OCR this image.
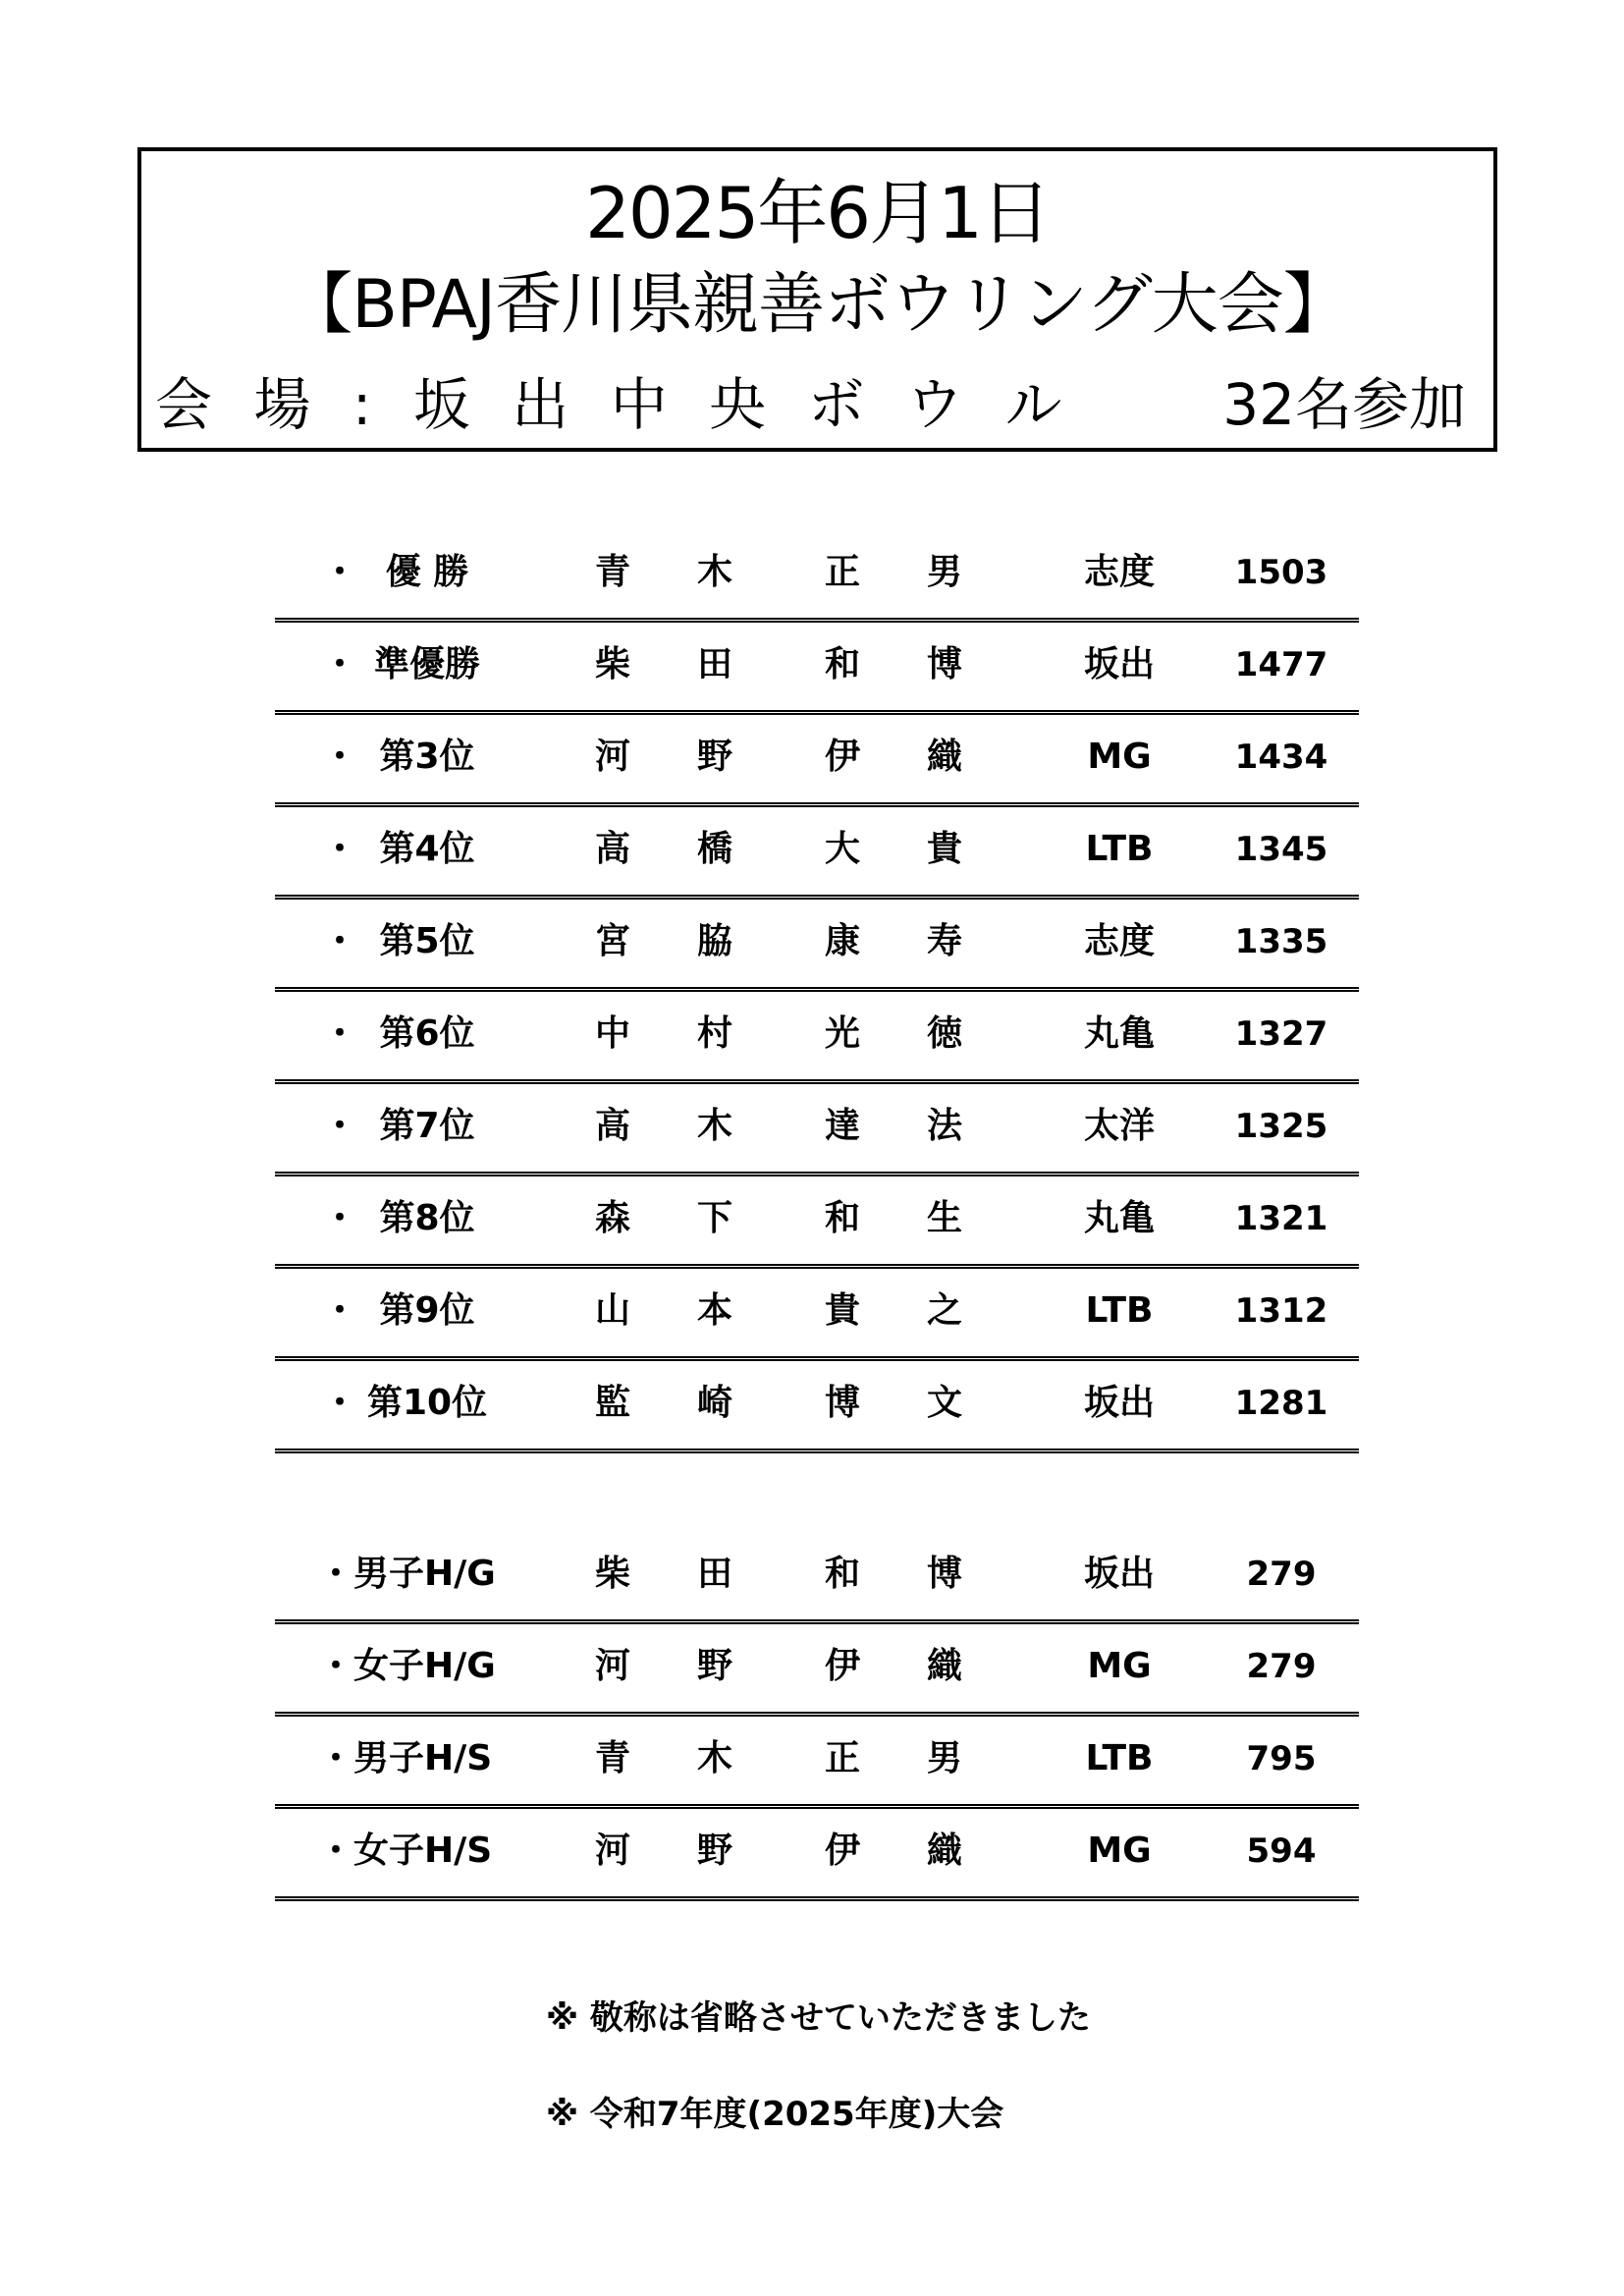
2025年6月1日
【BPAJ香川県親善ボウリング大会】
会 場 : 坂 出 中 央 ボ ウ ル	32名参加
・ 優 勝	青	木	正	男	志度	1503
・ 準優勝	柴	田	和	博	坂出	1477
・ 第3位	河	野	伊	織	MG	1434
・ 第4位	高	橋	大	貴	LTB	1345
・ 第5位	宮	脇	康	寿	志度	1335
・ 第6位	中	村	光	徳	丸亀	1327
・ 第7位	高	木	達	法	太洋	1325
・ 第8位	森	下	和	生	丸亀	1321
・ 第9位	山	本	貴	之	LTB	1312
・ 第10位	監	崎	博	文	坂出	1281
・男子H/G	柴	田	和	博	坂出	279
・女子H/G	河	野	伊	織	MG	279
・男子H/S	青	木	正	男	LTB	795
・女子H/S	河	野	伊	織	MG	594
※ 敬称は省略させていただきました
※ 令和7年度(2025年度)大会
